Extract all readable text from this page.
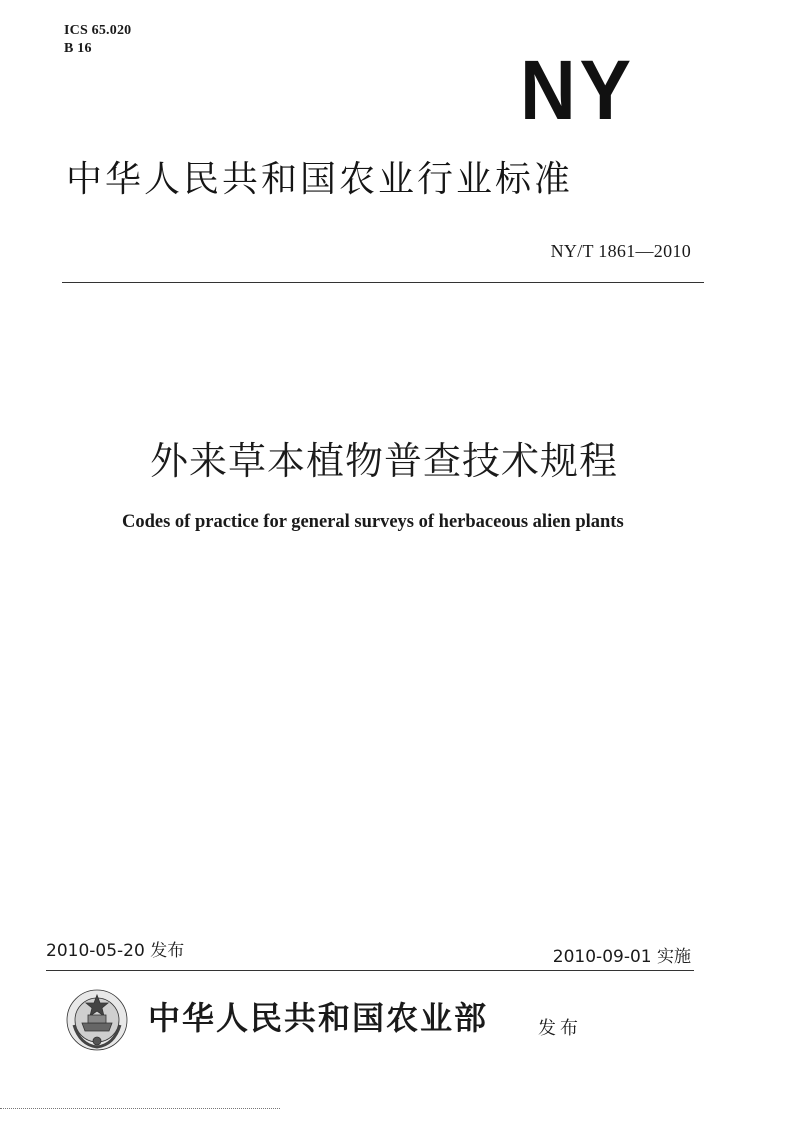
ICS 65.020
B 16	NY
中华人民共和国农业行业标准
NY/T 1861—2010
外来草本植物普查技术规程
Codes of practice for general surveys of herbaceous alien plants
2010-05-20 发布	2010-09-01 实施
中华人民共和国农业部	发布
